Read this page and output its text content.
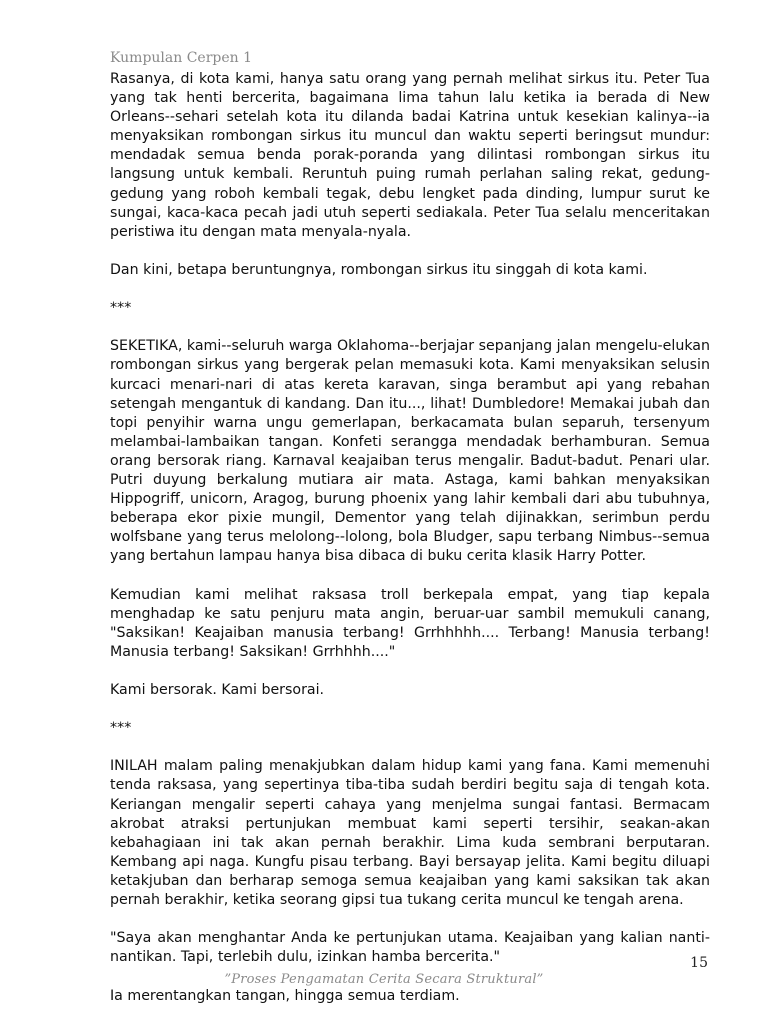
Kumpulan Cerpen 1

Rasanya, di kota kami, hanya satu orang yang pernah melihat sirkus itu. Peter Tua yang tak henti bercerita, bagaimana lima tahun lalu ketika ia berada di New Orleans--sehari setelah kota itu dilanda badai Katrina untuk kesekian kalinya--ia menyaksikan rombongan sirkus itu muncul dan waktu seperti beringsut mundur: mendadak semua benda porak-poranda yang dilintasi rombongan sirkus itu langsung untuk kembali. Reruntuh puing rumah perlahan saling rekat, gedung-gedung yang roboh kembali tegak, debu lengket pada dinding, lumpur surut ke sungai, kaca-kaca pecah jadi utuh seperti sediakala. Peter Tua selalu menceritakan peristiwa itu dengan mata menyala-nyala.

Dan kini, betapa beruntungnya, rombongan sirkus itu singgah di kota kami.

***

SEKETIKA, kami--seluruh warga Oklahoma--berjajar sepanjang jalan mengelu-elukan rombongan sirkus yang bergerak pelan memasuki kota. Kami menyaksikan selusin kurcaci menari-nari di atas kereta karavan, singa berambut api yang rebahan setengah mengantuk di kandang. Dan itu..., lihat! Dumbledore! Memakai jubah dan topi penyihir warna ungu gemerlapan, berkacamata bulan separuh, tersenyum melambai-lambaikan tangan. Konfeti serangga mendadak berhamburan. Semua orang bersorak riang. Karnaval keajaiban terus mengalir. Badut-badut. Penari ular. Putri duyung berkalung mutiara air mata. Astaga, kami bahkan menyaksikan Hippogriff, unicorn, Aragog, burung phoenix yang lahir kembali dari abu tubuhnya, beberapa ekor pixie mungil, Dementor yang telah dijinakkan, serimbun perdu wolfsbane yang terus melolong--lolong, bola Bludger, sapu terbang Nimbus--semua yang bertahun lampau hanya bisa dibaca di buku cerita klasik Harry Potter.

Kemudian kami melihat raksasa troll berkepala empat, yang tiap kepala menghadap ke satu penjuru mata angin, beruar-uar sambil memukuli canang, "Saksikan! Keajaiban manusia terbang! Grrhhhhh.... Terbang! Manusia terbang! Manusia terbang! Saksikan! Grrhhhh...."

Kami bersorak. Kami bersorai.

***

INILAH malam paling menakjubkan dalam hidup kami yang fana. Kami memenuhi tenda raksasa, yang sepertinya tiba-tiba sudah berdiri begitu saja di tengah kota. Keriangan mengalir seperti cahaya yang menjelma sungai fantasi. Bermacam akrobat atraksi pertunjukan membuat kami seperti tersihir, seakan-akan kebahagiaan ini tak akan pernah berakhir. Lima kuda sembrani berputaran. Kembang api naga. Kungfu pisau terbang. Bayi bersayap jelita. Kami begitu diluapi ketakjuban dan berharap semoga semua keajaiban yang kami saksikan tak akan pernah berakhir, ketika seorang gipsi tua tukang cerita muncul ke tengah arena.

"Saya akan menghantar Anda ke pertunjukan utama. Keajaiban yang kalian nanti-nantikan. Tapi, terlebih dulu, izinkan hamba bercerita."

Ia merentangkan tangan, hingga semua terdiam.

15
”Proses Pengamatan Cerita Secara Struktural”
